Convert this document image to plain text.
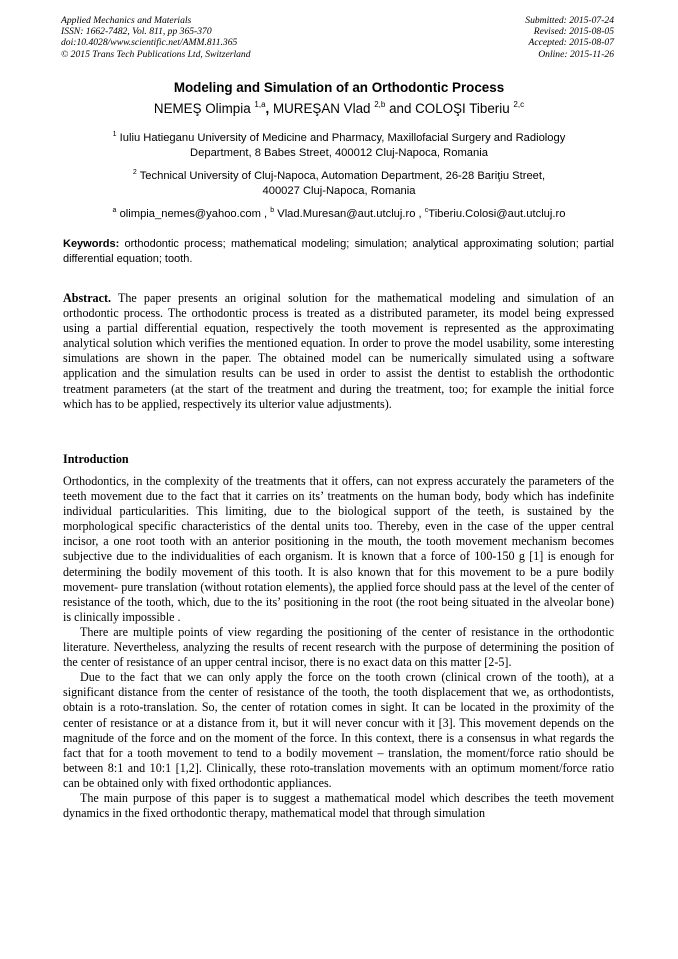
Applied Mechanics and Materials
ISSN: 1662-7482, Vol. 811, pp 365-370
doi:10.4028/www.scientific.net/AMM.811.365
© 2015 Trans Tech Publications Ltd, Switzerland
Submitted: 2015-07-24
Revised: 2015-08-05
Accepted: 2015-08-07
Online: 2015-11-26
Modeling and Simulation of an Orthodontic Process
NEMEŞ Olimpia $^{1,a}$, MUREŞAN Vlad $^{2,b}$ and COLOŞI Tiberiu $^{2,c}$
$^1$ Iuliu Hatieganu University of Medicine and Pharmacy, Maxillofacial Surgery and Radiology
Department, 8 Babes Street, 400012 Cluj-Napoca, Romania
$^2$ Technical University of Cluj-Napoca, Automation Department, 26-28 Bariţiu Street,
400027 Cluj-Napoca, Romania
$^a$ olimpia_nemes@yahoo.com , $^b$ Vlad.Muresan@aut.utcluj.ro , $^c$Tiberiu.Colosi@aut.utcluj.ro
Keywords: orthodontic process; mathematical modeling; simulation; analytical approximating solution; partial differential equation; tooth.
Abstract. The paper presents an original solution for the mathematical modeling and simulation of an orthodontic process. The orthodontic process is treated as a distributed parameter, its model being expressed using a partial differential equation, respectively the tooth movement is represented as the approximating analytical solution which verifies the mentioned equation. In order to prove the model usability, some interesting simulations are shown in the paper. The obtained model can be numerically simulated using a software application and the simulation results can be used in order to assist the dentist to establish the orthodontic treatment parameters (at the start of the treatment and during the treatment, too; for example the initial force which has to be applied, respectively its ulterior value adjustments).
Introduction

Orthodontics, in the complexity of the treatments that it offers, can not express accurately the parameters of the teeth movement due to the fact that it carries on its’ treatments on the human body, body which has indefinite individual particularities. This limiting, due to the biological support of the teeth, is sustained by the morphological specific characteristics of the dental units too. Thereby, even in the case of the upper central incisor, a one root tooth with an anterior positioning in the mouth, the tooth movement mechanism becomes subjective due to the individualities of each organism. It is known that a force of 100-150 g [1] is enough for determining the bodily movement of this tooth. It is also known that for this movement to be a pure bodily movement- pure translation (without rotation elements), the applied force should pass at the level of the center of resistance of the tooth, which, due to the its’ positioning in the root (the root being situated in the alveolar bone) is clinically impossible .

There are multiple points of view regarding the positioning of the center of resistance in the orthodontic literature. Nevertheless, analyzing the results of recent research with the purpose of determining the position of the center of resistance of an upper central incisor, there is no exact data on this matter [2-5].

Due to the fact that we can only apply the force on the tooth crown (clinical crown of the tooth), at a significant distance from the center of resistance of the tooth, the tooth displacement that we, as orthodontists, obtain is a roto-translation. So, the center of rotation comes in sight. It can be located in the proximity of the center of resistance or at a distance from it, but it will never concur with it [3]. This movement depends on the magnitude of the force and on the moment of the force. In this context, there is a consensus in what regards the fact that for a tooth movement to tend to a bodily movement – translation, the moment/force ratio should be between 8:1 and 10:1 [1,2]. Clinically, these roto-translation movements with an optimum moment/force ratio can be obtained only with fixed orthodontic appliances.

The main purpose of this paper is to suggest a mathematical model which describes the teeth movement dynamics in the fixed orthodontic therapy, mathematical model that through simulation
